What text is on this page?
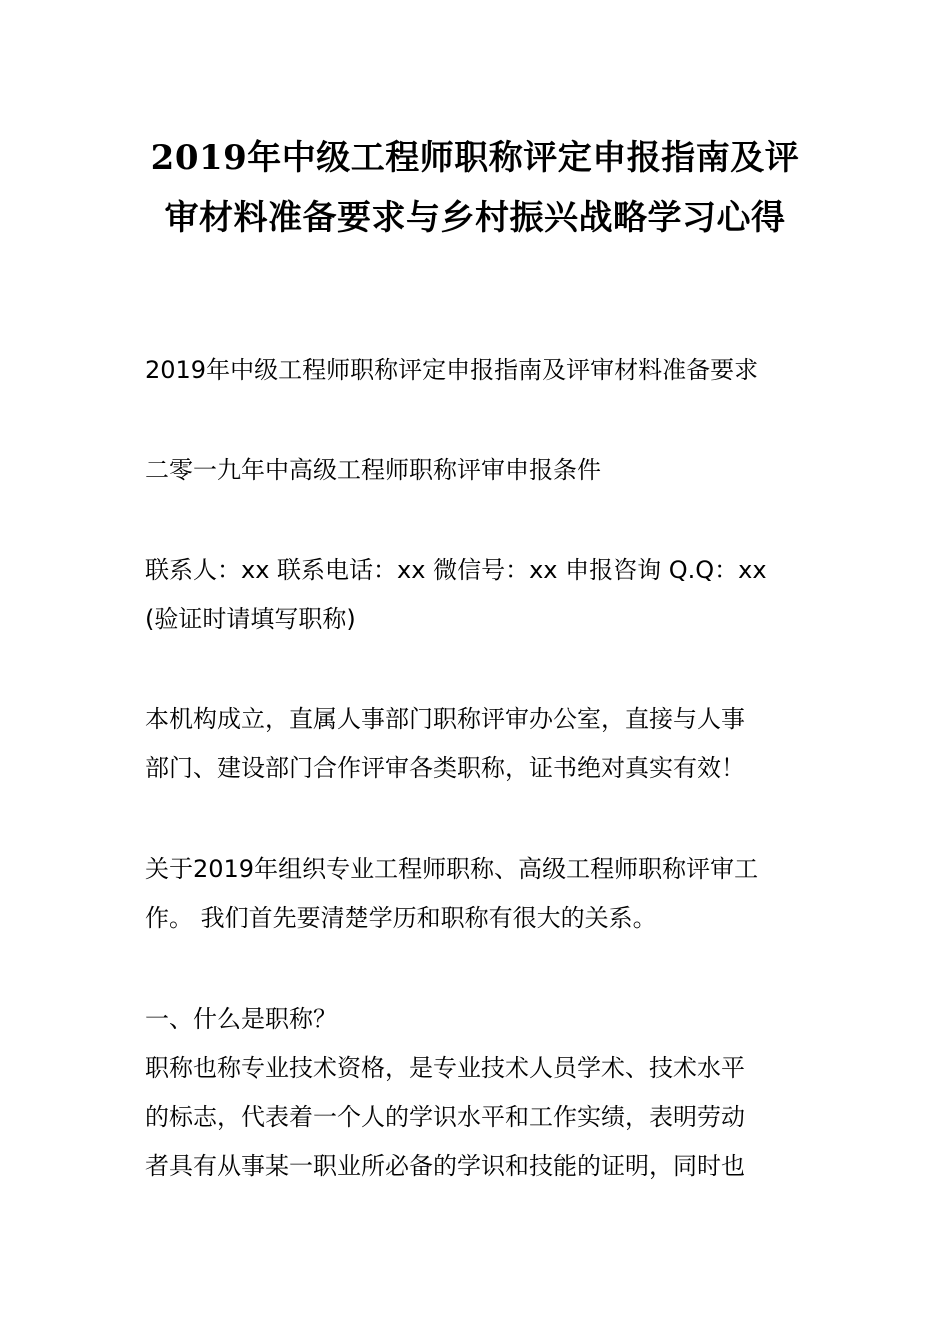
2019年中级工程师职称评定申报指南及评
审材料准备要求与乡村振兴战略学习心得

2019年中级工程师职称评定申报指南及评审材料准备要求

二零一九年中高级工程师职称评审申报条件

联系人：xx 联系电话：xx 微信号：xx 申报咨询 Q.Q：xx
(验证时请填写职称)

本机构成立，直属人事部门职称评审办公室，直接与人事
部门、建设部门合作评审各类职称，证书绝对真实有效！

关于2019年组织专业工程师职称、高级工程师职称评审工
作。 我们首先要清楚学历和职称有很大的关系。

一、什么是职称？
职称也称专业技术资格，是专业技术人员学术、技术水平
的标志，代表着一个人的学识水平和工作实绩，表明劳动
者具有从事某一职业所必备的学识和技能的证明，同时也
